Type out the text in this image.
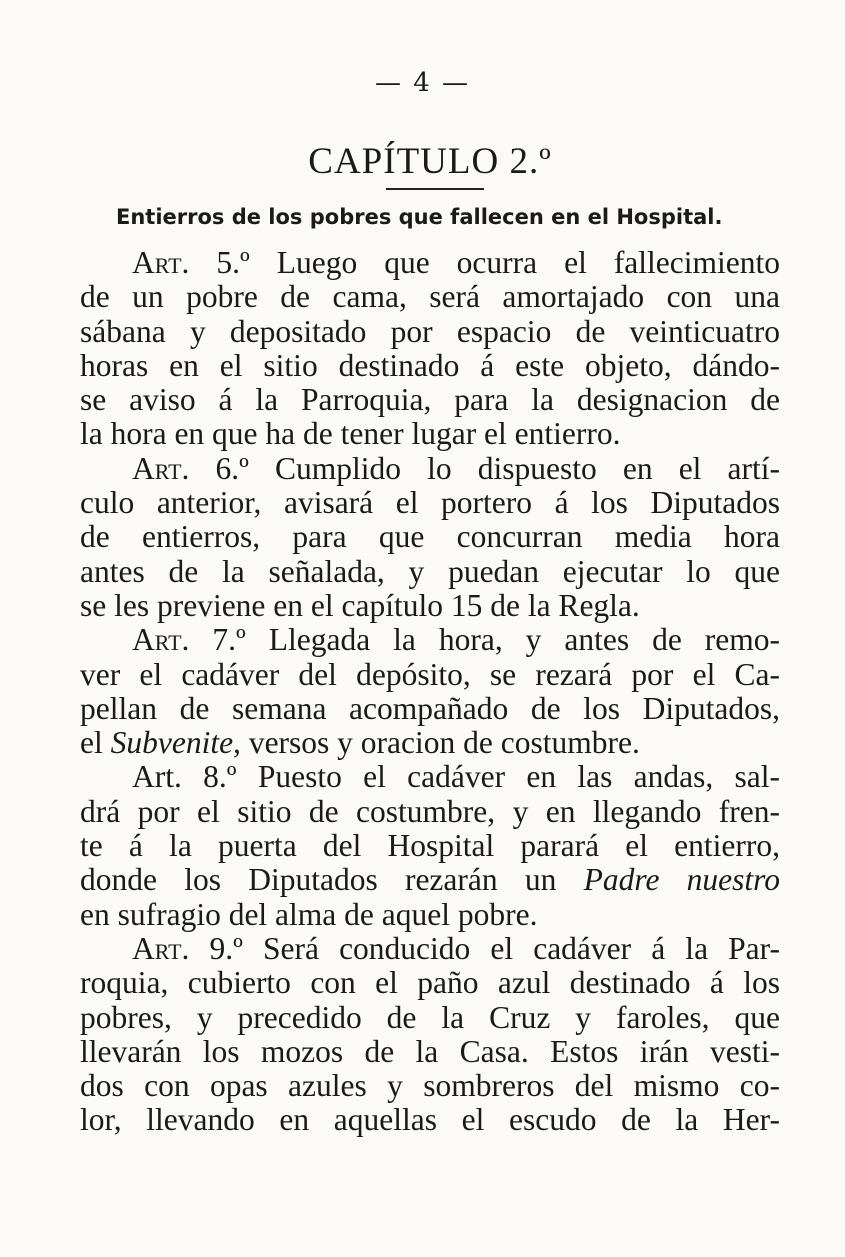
— 4 —
CAPÍTULO 2.º
Entierros de los pobres que fallecen en el Hospital.
Art. 5.º Luego que ocurra el fallecimiento
de un pobre de cama, será amortajado con una
sábana y depositado por espacio de veinticuatro
horas en el sitio destinado á este objeto, dándo-
se aviso á la Parroquia, para la designacion de
la hora en que ha de tener lugar el entierro.
Art. 6.º Cumplido lo dispuesto en el artí-
culo anterior, avisará el portero á los Diputados
de entierros, para que concurran media hora
antes de la señalada, y puedan ejecutar lo que
se les previene en el capítulo 15 de la Regla.
Art. 7.º Llegada la hora, y antes de remo-
ver el cadáver del depósito, se rezará por el Ca-
pellan de semana acompañado de los Diputados,
el Subvenite, versos y oracion de costumbre.
Art. 8.º Puesto el cadáver en las andas, sal-
drá por el sitio de costumbre, y en llegando fren-
te á la puerta del Hospital parará el entierro,
donde los Diputados rezarán un Padre nuestro
en sufragio del alma de aquel pobre.
Art. 9.º Será conducido el cadáver á la Par-
roquia, cubierto con el paño azul destinado á los
pobres, y precedido de la Cruz y faroles, que
llevarán los mozos de la Casa. Estos irán vesti-
dos con opas azules y sombreros del mismo co-
lor, llevando en aquellas el escudo de la Her-
